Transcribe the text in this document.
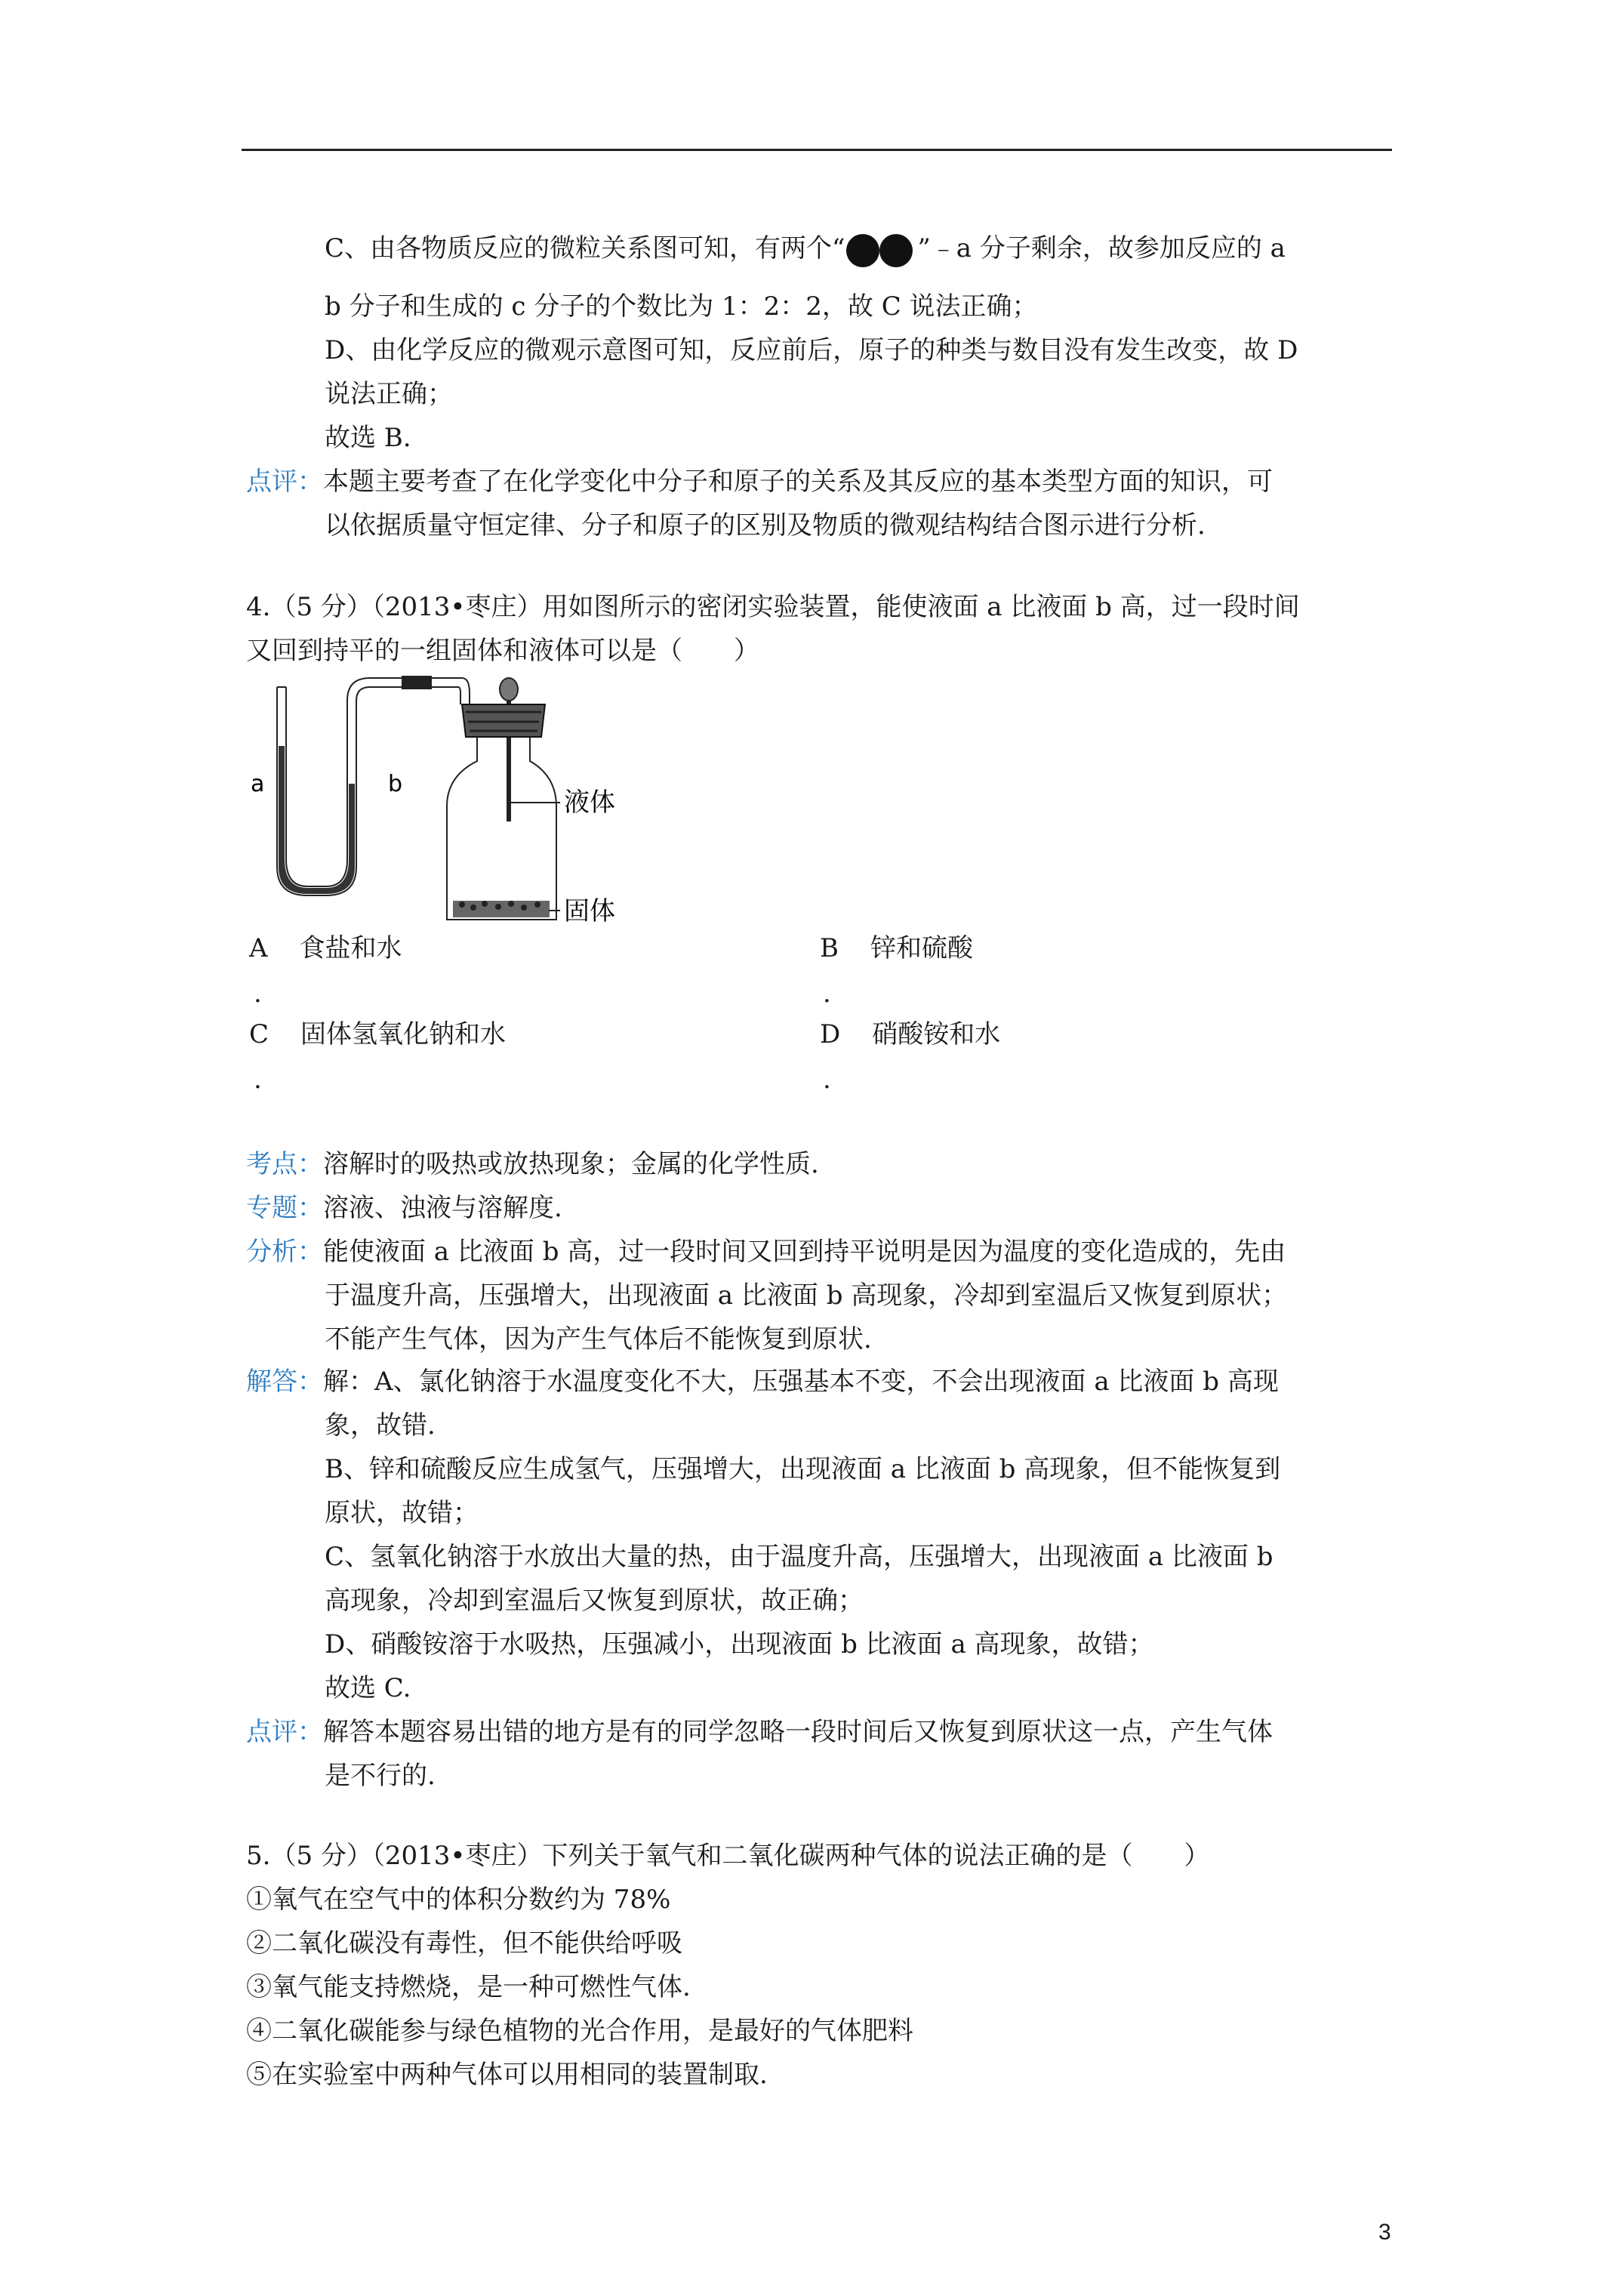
C、由各物质反应的微粒关系图可知，有两个“	”﹣a 分子剩余，故参加反应的 a
b 分子和生成的 c 分子的个数比为 1：2：2，故 C 说法正确；
D、由化学反应的微观示意图可知，反应前后，原子的种类与数目没有发生改变，故 D
说法正确；
故选 B.
点评：本题主要考查了在化学变化中分子和原子的关系及其反应的基本类型方面的知识，可
以依据质量守恒定律、分子和原子的区别及物质的微观结构结合图示进行分析.
4.（5 分）（2013•枣庄）用如图所示的密闭实验装置，能使液面 a 比液面 b 高，过一段时间
又回到持平的一组固体和液体可以是（　　）
a	b
液体
固体
A 食盐和水
.
B 锌和硫酸
.
C 固体氢氧化钠和水
.
D 硝酸铵和水
.
考点：溶解时的吸热或放热现象；金属的化学性质.
专题：溶液、浊液与溶解度.
分析：能使液面 a 比液面 b 高，过一段时间又回到持平说明是因为温度的变化造成的，先由
于温度升高，压强增大，出现液面 a 比液面 b 高现象，冷却到室温后又恢复到原状；
不能产生气体，因为产生气体后不能恢复到原状.
解答：解：A、氯化钠溶于水温度变化不大，压强基本不变，不会出现液面 a 比液面 b 高现
象，故错.
B、锌和硫酸反应生成氢气，压强增大，出现液面 a 比液面 b 高现象，但不能恢复到
原状，故错；
C、氢氧化钠溶于水放出大量的热，由于温度升高，压强增大，出现液面 a 比液面 b
高现象，冷却到室温后又恢复到原状，故正确；
D、硝酸铵溶于水吸热，压强减小，出现液面 b 比液面 a 高现象，故错；
故选 C.
点评：解答本题容易出错的地方是有的同学忽略一段时间后又恢复到原状这一点，产生气体
是不行的.
5.（5 分）（2013•枣庄）下列关于氧气和二氧化碳两种气体的说法正确的是（　　）
①氧气在空气中的体积分数约为 78%
②二氧化碳没有毒性，但不能供给呼吸
③氧气能支持燃烧，是一种可燃性气体.
④二氧化碳能参与绿色植物的光合作用，是最好的气体肥料
⑤在实验室中两种气体可以用相同的装置制取.
3
